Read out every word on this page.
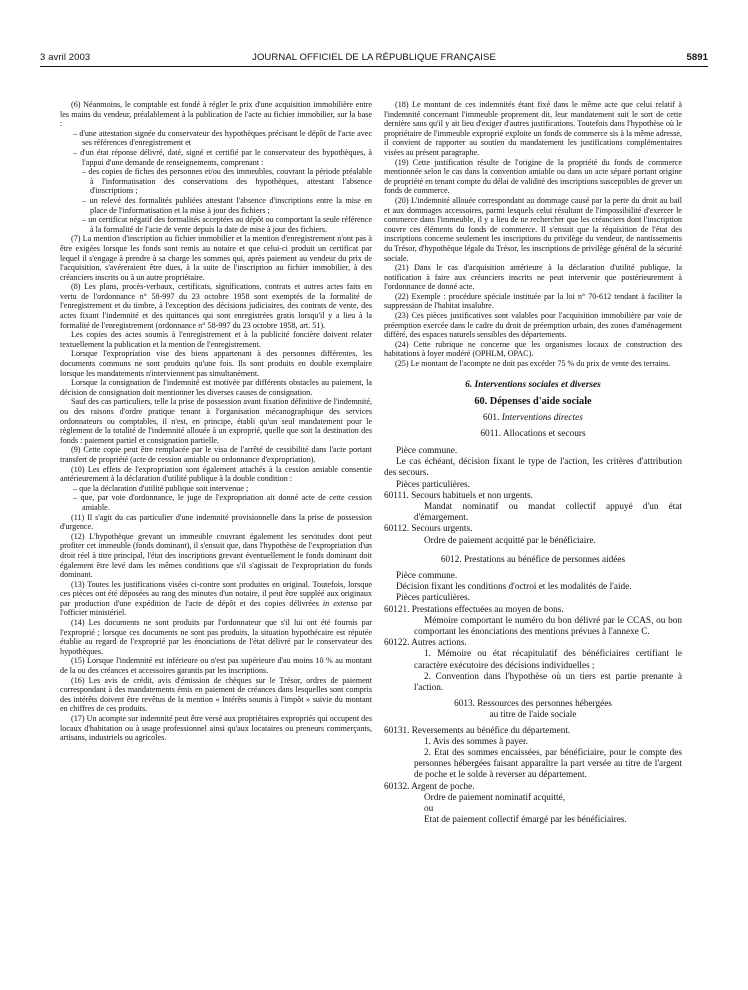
3 avril 2003	JOURNAL OFFICIEL DE LA RÉPUBLIQUE FRANÇAISE	5891

(6) Néanmoins, le comptable est fondé à régler le prix d'une acquisition immobilière entre les mains du vendeur, préalablement à la publication de l'acte au fichier immobilier, sur la base :

– d'une attestation signée du conservateur des hypothèques précisant le dépôt de l'acte avec ses références d'enregistrement et

– d'un état réponse délivré, daté, signé et certifié par le conservateur des hypothèques, à l'appui d'une demande de renseignements, comprenant :

– des copies de fiches des personnes et/ou des immeubles, couvrant la période préalable à l'informatisation des conservations des hypothèques, attestant l'absence d'inscriptions ;

– un relevé des formalités publiées attestant l'absence d'inscriptions entre la mise en place de l'informatisation et la mise à jour des fichiers ;

– un certificat négatif des formalités acceptées au dépôt ou comportant la seule référence à la formalité de l'acte de vente depuis la date de mise à jour des fichiers.

(7) La mention d'inscription au fichier immobilier et la mention d'enregistrement n'ont pas à être exigées lorsque les fonds sont remis au notaire et que celui-ci produit un certificat par lequel il s'engage à prendre à sa charge les sommes qui, après paiement au vendeur du prix de l'acquisition, s'avéreraient être dues, à la suite de l'inscription au fichier immobilier, à des créanciers inscrits ou à un autre propriétaire.

(8) Les plans, procès-verbaux, certificats, significations, contrats et autres actes faits en vertu de l'ordonnance n° 58-997 du 23 octobre 1958 sont exemptés de la formalité de l'enregistrement et du timbre, à l'exception des décisions judiciaires, des contrats de vente, des actes fixant l'indemnité et des quittances qui sont enregistrées gratis lorsqu'il y a lieu à la formalité de l'enregistrement (ordonnance n° 58-997 du 23 octobre 1958, art. 51).

Les copies des actes soumis à l'enregistrement et à la publicité foncière doivent relater textuellement la publication et la mention de l'enregistrement.

Lorsque l'expropriation vise des biens appartenant à des personnes différentes, les documents communs ne sont produits qu'une fois. Ils sont produits en double exemplaire lorsque les mandatements n'interviennent pas simultanément.

Lorsque la consignation de l'indemnité est motivée par différents obstacles au paiement, la décision de consignation doit mentionner les diverses causes de consignation.

Sauf des cas particuliers, telle la prise de possession avant fixation définitive de l'indemnité, ou des raisons d'ordre pratique tenant à l'organisation mécanographique des services ordonnateurs ou comptables, il n'est, en principe, établi qu'un seul mandatement pour le règlement de la totalité de l'indemnité allouée à un exproprié, quelle que soit la destination des fonds : paiement partiel et consignation partielle.

(9) Cette copie peut être remplacée par le visa de l'arrêté de cessibilité dans l'acte portant transfert de propriété (acte de cession amiable ou ordonnance d'expropriation).

(10) Les effets de l'expropriation sont également attachés à la cession amiable consentie antérieurement à la déclaration d'utilité publique à la double condition :

– que la déclaration d'utilité publique soit intervenue ;

– que, par voie d'ordonnance, le juge de l'expropriation ait donné acte de cette cession amiable.

(11) Il s'agit du cas particulier d'une indemnité provisionnelle dans la prise de possession d'urgence.

(12) L'hypothèque grevant un immeuble couvrant également les servitudes dont peut profiter cet immeuble (fonds dominant), il s'ensuit que, dans l'hypothèse de l'expropriation d'un droit réel à titre principal, l'état des inscriptions grevant éventuellement le fonds dominant doit également être levé dans les mêmes conditions que s'il s'agissait de l'expropriation du fonds dominant.

(13) Toutes les justifications visées ci-contre sont produites en original. Toutefois, lorsque ces pièces ont été déposées au rang des minutes d'un notaire, il peut être suppléé aux originaux par production d'une expédition de l'acte de dépôt et des copies délivrées in extenso par l'officier ministériel.

(14) Les documents ne sont produits par l'ordonnateur que s'il lui ont été fournis par l'exproprié ; lorsque ces documents ne sont pas produits, la situation hypothécaire est réputée établie au regard de l'exproprié par les énonciations de l'état délivré par le conservateur des hypothèques.

(15) Lorsque l'indemnité est inférieure ou n'est pas supérieure d'au moins 10 % au montant de la ou des créances et accessoires garantis par les inscriptions.

(16) Les avis de crédit, avis d'émission de chèques sur le Trésor, ordres de paiement correspondant à des mandatements émis en paiement de créances dans lesquelles sont compris des intérêts doivent être revêtus de la mention « Intérêts soumis à l'impôt » suivie du montant en chiffres de ces produits.

(17) Un acompte sur indemnité peut être versé aux propriétaires expropriés qui occupent des locaux d'habitation ou à usage professionnel ainsi qu'aux locataires ou preneurs commerçants, artisans, industriels ou agricoles.

(18) Le montant de ces indemnités étant fixé dans le même acte que celui relatif à l'indemnité concernant l'immeuble proprement dit, leur mandatement suit le sort de cette dernière sans qu'il y ait lieu d'exiger d'autres justifications. Toutefois dans l'hypothèse où le propriétaire de l'immeuble exproprié exploite un fonds de commerce sis à la même adresse, il convient de rapporter au soutien du mandatement les justifications complémentaires visées au présent paragraphe.

(19) Cette justification résulte de l'origine de la propriété du fonds de commerce mentionnée selon le cas dans la convention amiable ou dans un acte séparé portant origine de propriété en tenant compte du délai de validité des inscriptions susceptibles de grever un fonds de commerce.

(20) L'indemnité allouée correspondant au dommage causé par la perte du droit au bail et aux dommages accessoires, parmi lesquels celui résultant de l'impossibilité d'exercer le commerce dans l'immeuble, il y a lieu de ne rechercher que les créanciers dont l'inscription couvre ces éléments du fonds de commerce. Il s'ensuit que la réquisition de l'état des inscriptions concerne seulement les inscriptions du privilège du vendeur, de nantissements du Trésor, d'hypothèque légale du Trésor, les inscriptions de privilège général de la sécurité sociale.

(21) Dans le cas d'acquisition antérieure à la déclaration d'utilité publique, la notification à faire aux créanciers inscrits ne peut intervenir que postérieurement à l'ordonnance de donné acte.

(22) Exemple : procédure spéciale instituée par la loi n° 70-612 tendant à faciliter la suppression de l'habitat insalubre.

(23) Ces pièces justificatives sont valables pour l'acquisition immobilière par voie de préemption exercée dans le cadre du droit de préemption urbain, des zones d'aménagement différé, des espaces naturels sensibles des départements.

(24) Cette rubrique ne concerne que les organismes locaux de construction des habitations à loyer modéré (OPHLM, OPAC).

(25) Le montant de l'acompte ne doit pas excéder 75 % du prix de vente des terrains.

6. Interventions sociales et diverses

60. Dépenses d'aide sociale

601. Interventions directes

6011. Allocations et secours

Pièce commune.

Le cas échéant, décision fixant le type de l'action, les critères d'attribution des secours.

Pièces particulières.

60111. Secours habituels et non urgents.

Mandat nominatif ou mandat collectif appuyé d'un état d'émargement.

60112. Secours urgents.

Ordre de paiement acquitté par le bénéficiaire.

6012. Prestations au bénéfice de personnes aidées

Pièce commune.

Décision fixant les conditions d'octroi et les modalités de l'aide.

Pièces particulières.

60121. Prestations effectuées au moyen de bons.

Mémoire comportant le numéro du bon délivré par le CCAS, ou bon comportant les énonciations des mentions prévues à l'annexe C.

60122. Autres actions.

1. Mémoire ou état récapitulatif des bénéficiaires certifiant le caractère exécutoire des décisions individuelles ;

2. Convention dans l'hypothèse où un tiers est partie prenante à l'action.

6013. Ressources des personnes hébergées

au titre de l'aide sociale

60131. Reversements au bénéfice du département.

1. Avis des sommes à payer.

2. Etat des sommes encaissées, par bénéficiaire, pour le compte des personnes hébergées faisant apparaître la part versée au titre de l'argent de poche et le solde à reverser au département.

60132. Argent de poche.

Ordre de paiement nominatif acquitté,

ou

Etat de paiement collectif émargé par les bénéficiaires.
